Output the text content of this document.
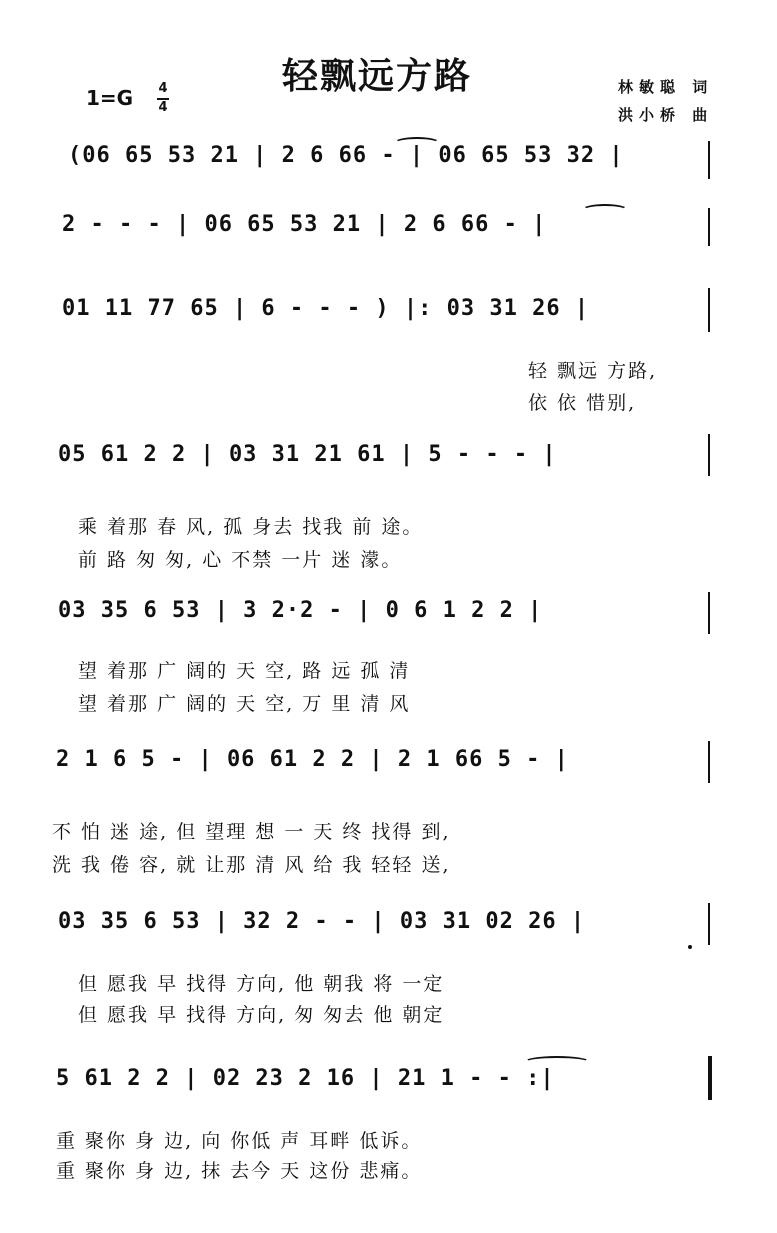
轻飘远方路
1=G 4
4
林敏聪 词
洪小桥 曲
(06 65 53 21 | 2 6 66 - | 06 65 53 32 |
2 - - - | 06 65 53 21 | 2 6 66 - |
01 11 77 65 | 6 - - - ) |: 03 31 26 |
轻 飘远 方路,
依 依 惜别,
05 61 2 2 | 03 31 21 61 | 5 - - - |
乘 着那 春 风, 孤 身去 找我 前 途。
前 路 匆 匆, 心 不禁 一片 迷 濛。
03 35 6 53 | 3 2·2 - | 0 6 1 2 2 |
望 着那 广 阔的 天 空, 路 远 孤 清
望 着那 广 阔的 天 空, 万 里 清 风
2 1 6 5 - | 06 61 2 2 | 2 1 66 5 - |
不 怕 迷 途, 但 望理 想 一 天 终 找得 到,
洗 我 倦 容, 就 让那 清 风 给 我 轻轻 送,
03 35 6 53 | 32 2 - - | 03 31 02 26 |
但 愿我 早 找得 方向, 他 朝我 将 一定
但 愿我 早 找得 方向, 匆 匆去 他 朝定
5 61 2 2 | 02 23 2 16 | 21 1 - - :|
重 聚你 身 边, 向 你低 声 耳畔 低诉。
重 聚你 身 边, 抹 去今 天 这份 悲痛。
